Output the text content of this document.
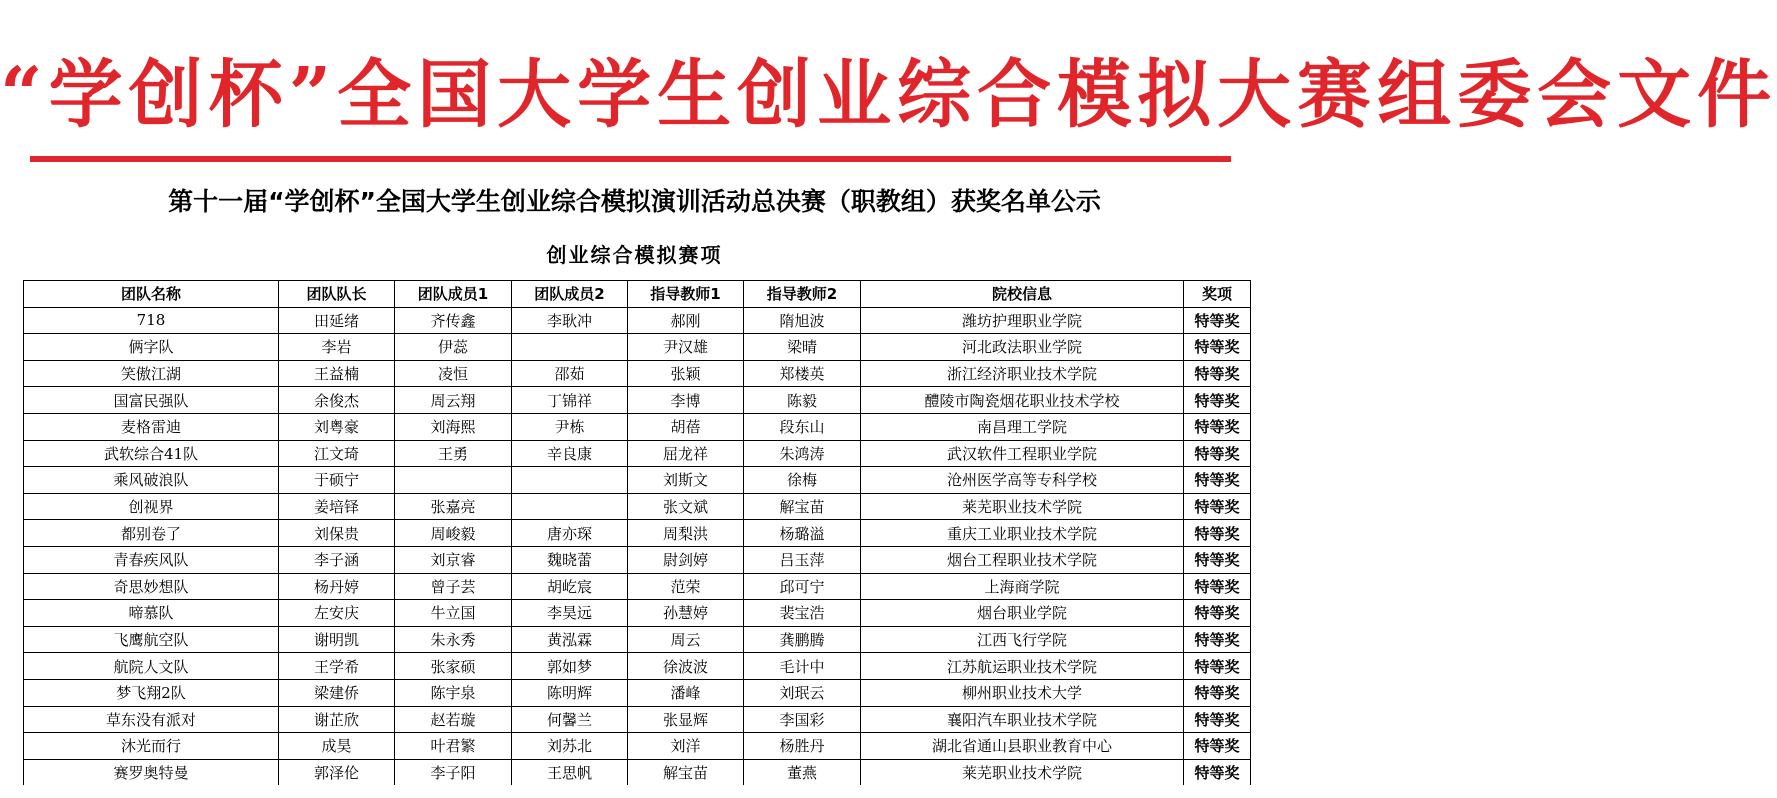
“学创杯”全国大学生创业综合模拟大赛组委会文件
第十一届“学创杯”全国大学生创业综合模拟演训活动总决赛（职教组）获奖名单公示
创业综合模拟赛项
团队名称	团队队长	团队成员1	团队成员2	指导教师1	指导教师2	院校信息	奖项
718	田延绪	齐传鑫	李耿冲	郝刚	隋旭波	潍坊护理职业学院	特等奖
俩字队	李岩	伊蕊		尹汉雄	梁晴	河北政法职业学院	特等奖
笑傲江湖	王益楠	凌恒	邵茹	张颖	郑楼英	浙江经济职业技术学院	特等奖
国富民强队	余俊杰	周云翔	丁锦祥	李博	陈毅	醴陵市陶瓷烟花职业技术学校	特等奖
麦格雷迪	刘粤豪	刘海熙	尹栋	胡蓓	段东山	南昌理工学院	特等奖
武软综合41队	江文琦	王勇	辛良康	屈龙祥	朱鸿涛	武汉软件工程职业学院	特等奖
乘风破浪队	于硕宁			刘斯文	徐梅	沧州医学高等专科学校	特等奖
创视界	姜培铎	张嘉亮		张文斌	解宝苗	莱芜职业技术学院	特等奖
都别卷了	刘保贵	周峻毅	唐亦琛	周梨洪	杨璐溢	重庆工业职业技术学院	特等奖
青春疾风队	李子涵	刘京睿	魏晓蕾	尉剑婷	吕玉萍	烟台工程职业技术学院	特等奖
奇思妙想队	杨丹婷	曾子芸	胡屹宸	范荣	邱可宁	上海商学院	特等奖
啼慕队	左安庆	牛立国	李昊远	孙慧婷	裴宝浩	烟台职业学院	特等奖
飞鹰航空队	谢明凯	朱永秀	黄泓霖	周云	龚鹏腾	江西飞行学院	特等奖
航院人文队	王学希	张家硕	郭如梦	徐波波	毛计中	江苏航运职业技术学院	特等奖
梦飞翔2队	梁建侨	陈宇泉	陈明辉	潘峰	刘珉云	柳州职业技术大学	特等奖
草东没有派对	谢芷欣	赵若璇	何馨兰	张显辉	李国彩	襄阳汽车职业技术学院	特等奖
沐光而行	成昊	叶君繁	刘苏北	刘洋	杨胜丹	湖北省通山县职业教育中心	特等奖
赛罗奥特曼	郭泽伦	李子阳	王思帆	解宝苗	董燕	莱芜职业技术学院	特等奖
